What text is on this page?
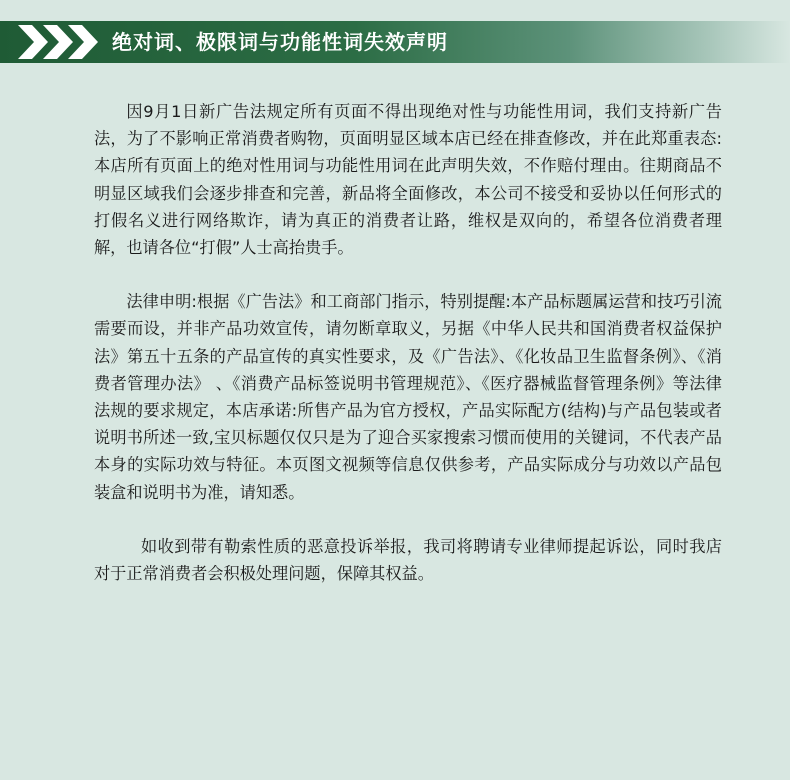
绝对词、极限词与功能性词失效声明

因9月1日新广告法规定所有页面不得出现绝对性与功能性用词，我们支持新广告法，为了不影响正常消费者购物，页面明显区域本店已经在排查修改，并在此郑重表态:本店所有页面上的绝对性用词与功能性用词在此声明失效，不作赔付理由。往期商品不明显区域我们会逐步排查和完善，新品将全面修改，本公司不接受和妥协以任何形式的打假名义进行网络欺诈，请为真正的消费者让路，维权是双向的，希望各位消费者理解，也请各位“打假”人士高抬贵手。

法律申明:根据《广告法》和工商部门指示，特别提醒:本产品标题属运营和技巧引流需要而设，并非产品功效宣传，请勿断章取义，另据《中华人民共和国消费者权益保护法》第五十五条的产品宣传的真实性要求，及《广告法》、《化妆品卫生监督条例》、《消费者管理办法》 、《消费产品标签说明书管理规范》、《医疗器械监督管理条例》等法律法规的要求规定，本店承诺:所售产品为官方授权，产品实际配方(结构)与产品包装或者说明书所述一致,宝贝标题仅仅只是为了迎合买家搜索习惯而使用的关键词，不代表产品本身的实际功效与特征。本页图文视频等信息仅供参考，产品实际成分与功效以产品包装盒和说明书为准，请知悉。

如收到带有勒索性质的恶意投诉举报，我司将聘请专业律师提起诉讼，同时我店对于正常消费者会积极处理问题，保障其权益。
